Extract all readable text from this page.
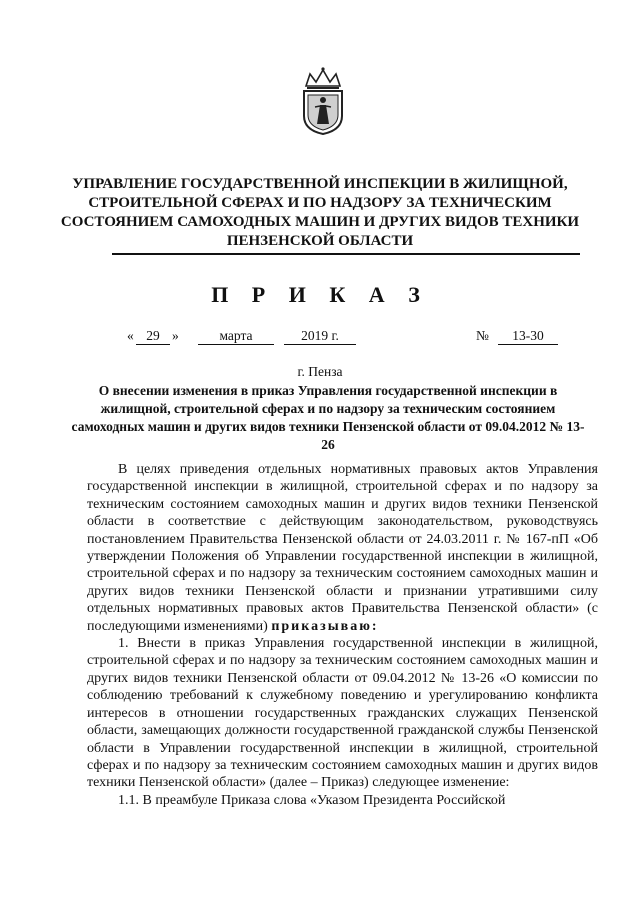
УПРАВЛЕНИЕ ГОСУДАРСТВЕННОЙ ИНСПЕКЦИИ В ЖИЛИЩНОЙ, СТРОИТЕЛЬНОЙ СФЕРАХ И ПО НАДЗОРУ ЗА ТЕХНИЧЕСКИМ СОСТОЯНИЕМ САМОХОДНЫХ МАШИН И ДРУГИХ ВИДОВ ТЕХНИКИ ПЕНЗЕНСКОЙ ОБЛАСТИ
П Р И К А З
« 29 »	марта	2019 г.	№	13-30
г. Пенза
О внесении изменения в приказ Управления государственной инспекции в жилищной, строительной сферах и по надзору за техническим состоянием самоходных машин и других видов техники Пензенской области от 09.04.2012 № 13-26

В целях приведения отдельных нормативных правовых актов Управления государственной инспекции в жилищной, строительной сферах и по надзору за техническим состоянием самоходных машин и других видов техники Пензенской области в соответствие с действующим законодательством, руководствуясь постановлением Правительства Пензенской области от 24.03.2011 г. № 167-пП «Об утверждении Положения об Управлении государственной инспекции в жилищной, строительной сферах и по надзору за техническим состоянием самоходных машин и других видов техники Пензенской области и признании утратившими силу отдельных нормативных правовых актов Правительства Пензенской области» (с последующими изменениями) приказываю:

1. Внести в приказ Управления государственной инспекции в жилищной, строительной сферах и по надзору за техническим состоянием самоходных машин и других видов техники Пензенской области от 09.04.2012 № 13-26 «О комиссии по соблюдению требований к служебному поведению и урегулированию конфликта интересов в отношении государственных гражданских служащих Пензенской области, замещающих должности государственной гражданской службы Пензенской области в Управлении государственной инспекции в жилищной, строительной сферах и по надзору за техническим состоянием самоходных машин и других видов техники Пензенской области» (далее – Приказ) следующее изменение:

1.1. В преамбуле Приказа слова «Указом Президента Российской
